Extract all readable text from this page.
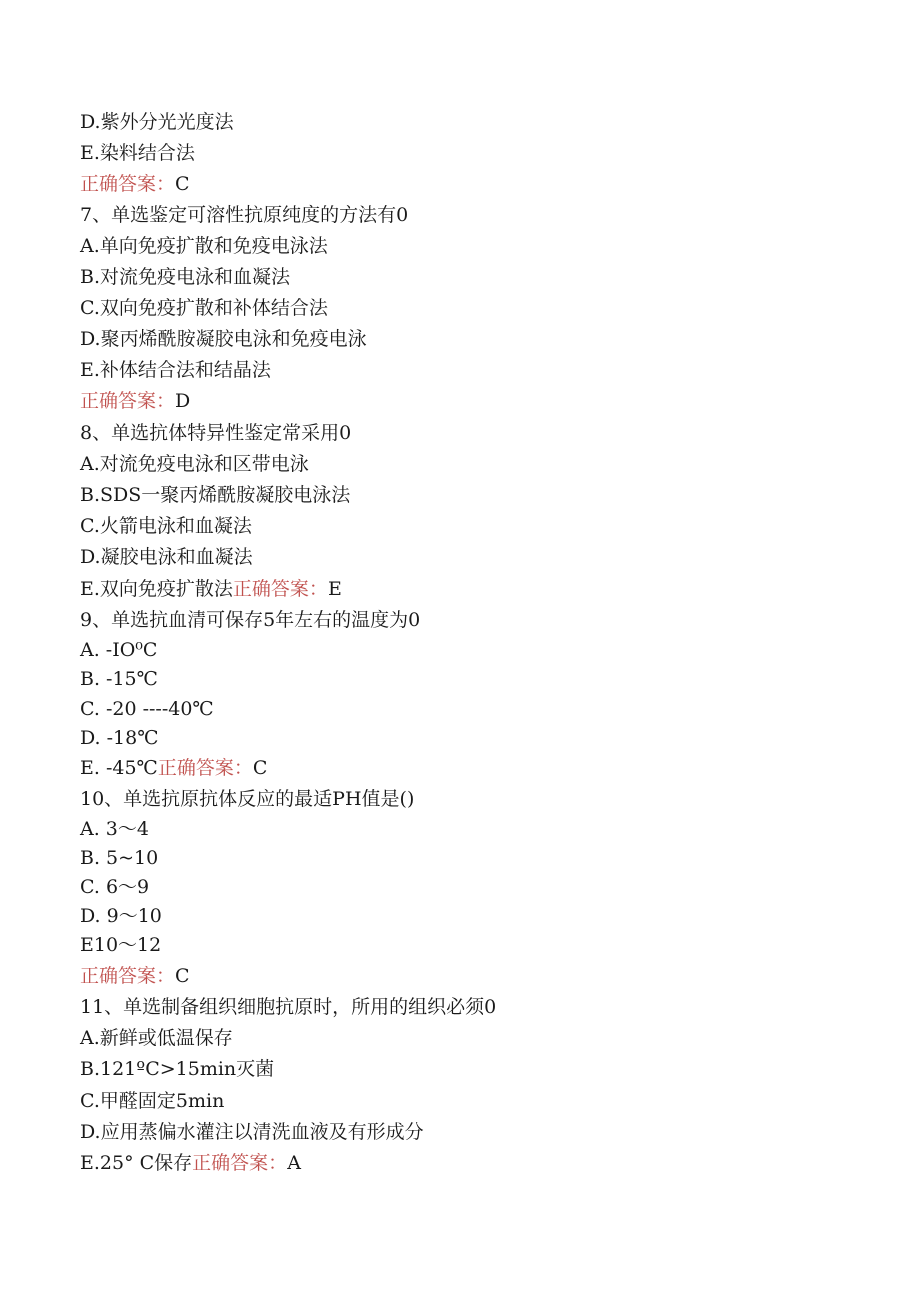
D.紫外分光光度法
E.染料结合法
正确答案：C
7、单选鉴定可溶性抗原纯度的方法有0
A.单向免疫扩散和免疫电泳法
B.对流免疫电泳和血凝法
C.双向免疫扩散和补体结合法
D.聚丙烯酰胺凝胶电泳和免疫电泳
E.补体结合法和结晶法
正确答案：D
8、单选抗体特异性鉴定常采用0
A.对流免疫电泳和区带电泳
B.SDS一聚丙烯酰胺凝胶电泳法
C.火箭电泳和血凝法
D.凝胶电泳和血凝法
E.双向免疫扩散法正确答案：E
9、单选抗血清可保存5年左右的温度为0
A. -IO⁰C
B. -15℃
C. -20 ----40℃
D. -18℃
E. -45℃正确答案：C
10、单选抗原抗体反应的最适PH值是()
A. 3～4
B. 5~10
C. 6～9
D. 9～10
E10～12
正确答案：C
11、单选制备组织细胞抗原时，所用的组织必须0
A.新鲜或低温保存
B.121ºC>15min灭菌
C.甲醛固定5min
D.应用蒸偏水灌注以清洗血液及有形成分
E.25° C保存正确答案：A
